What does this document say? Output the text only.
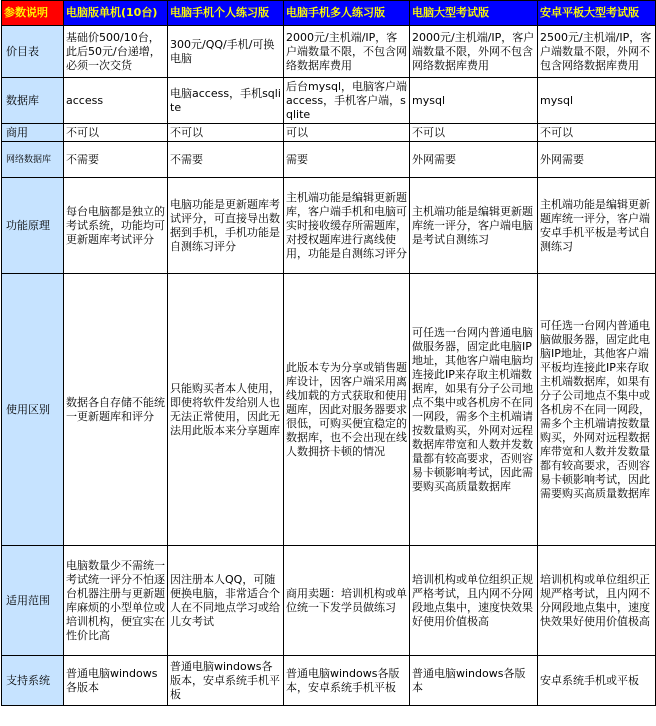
参数说明	电脑版单机(10台)	电脑手机个人练习版	电脑手机多人练习版	电脑大型考试版	安卓平板大型考试版
价目表	基础价500/10台，此后50元/台递增，必须一次交货	300元/QQ/手机/可换电脑	2000元/主机端/IP，客户端数量不限，不包含网络数据库费用	2000元/主机端/IP，客户端数量不限，外网不包含网络数据库费用	2500元/主机端/IP，客户端数量不限，外网不包含网络数据库费用
数据库	access	电脑access，手机sqlite	后台mysql，电脑客户端access，手机客户端，sqlite	mysql	mysql
商用	不可以	不可以	可以	不可以	不可以
网络数据库	不需要	不需要	需要	外网需要	外网需要
功能原理	每台电脑都是独立的考试系统，功能均可更新题库考试评分	电脑功能是更新题库考试评分，可直接导出数据到手机，手机功能是自测练习评分	主机端功能是编辑更新题库，客户端手机和电脑可实时接收缓存所需题库，对授权题库进行离线使用，功能是自测练习评分	主机端功能是编辑更新题库统一评分，客户端电脑是考试自测练习	主机端功能是编辑更新题库统一评分，客户端安卓手机平板是考试自测练习
使用区别	数据各自存储不能统一更新题库和评分	只能购买者本人使用，即使将软件发给别人也无法正常使用，因此无法用此版本来分享题库	此版本专为分享或销售题库设计，因客户端采用离线加载的方式获取和使用题库，因此对服务器要求很低，可购买便宜稳定的数据库，也不会出现在线人数拥挤卡顿的情况	可任选一台网内普通电脑做服务器，固定此电脑IP地址，其他客户端电脑均连接此IP来存取主机端数据库，如果有分子公司地点不集中或各机房不在同一网段，需多个主机端请按数量购买，外网对远程数据库带宽和人数并发数量都有较高要求，否则容易卡顿影响考试，因此需要购买高质量数据库	可任选一台网内普通电脑做服务器，固定此电脑IP地址，其他客户端平板均连接此IP来存取主机端数据库，如果有分子公司地点不集中或各机房不在同一网段，需多个主机端请按数量购买，外网对远程数据库带宽和人数并发数量都有较高要求，否则容易卡顿影响考试，因此需要购买高质量数据库
适用范围	电脑数量少不需统一考试统一评分不怕逐台机器注册与更新题库麻烦的小型单位或培训机构，便宜实在性价比高	因注册本人QQ，可随便换电脑，非常适合个人在不同地点学习或给儿女考试	商用卖题：培训机构或单位统一下发学员做练习	培训机构或单位组织正规严格考试，且内网不分网段地点集中，速度快效果好使用价值极高	培训机构或单位组织正规严格考试，且内网不分网段地点集中，速度快效果好使用价值极高
支持系统	普通电脑windows各版本	普通电脑windows各版本，安卓系统手机平板	普通电脑windows各版本，安卓系统手机平板	普通电脑windows各版本	安卓系统手机或平板
